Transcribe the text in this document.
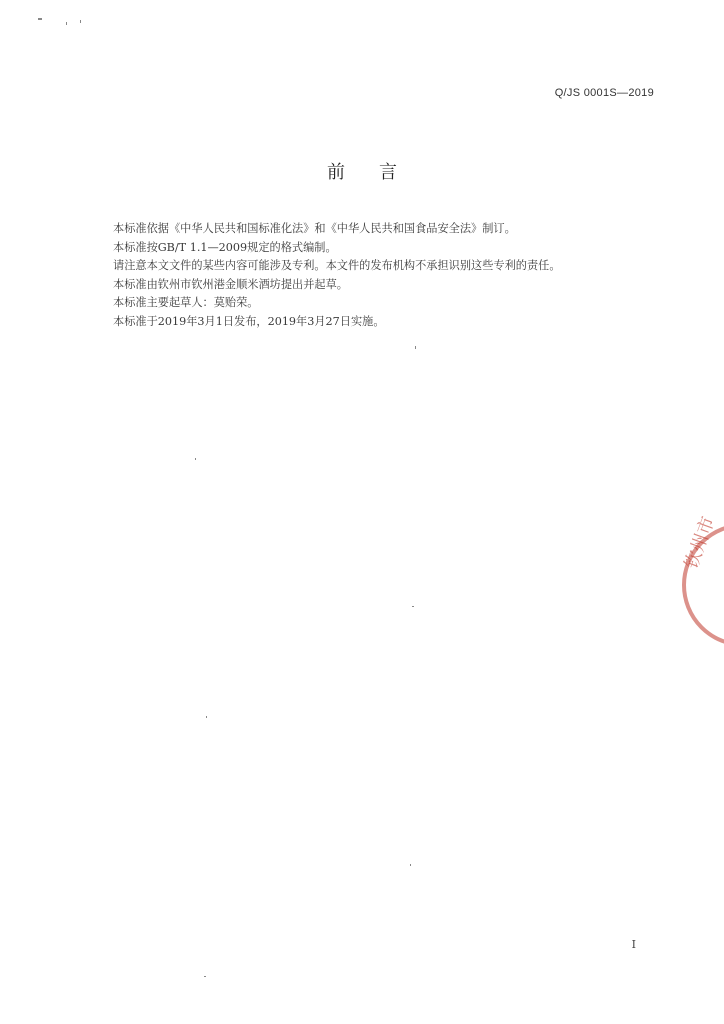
Q/JS 0001S—2019
前言

本标准依据《中华人民共和国标准化法》和《中华人民共和国食品安全法》制订。

本标准按GB/T 1.1—2009规定的格式编制。

请注意本文文件的某些内容可能涉及专利。本文件的发布机构不承担识别这些专利的责任。

本标准由钦州市钦州港金顺米酒坊提出并起草。

本标准主要起草人：莫贻荣。

本标准于2019年3月1日发布，2019年3月27日实施。

钦州市
I
